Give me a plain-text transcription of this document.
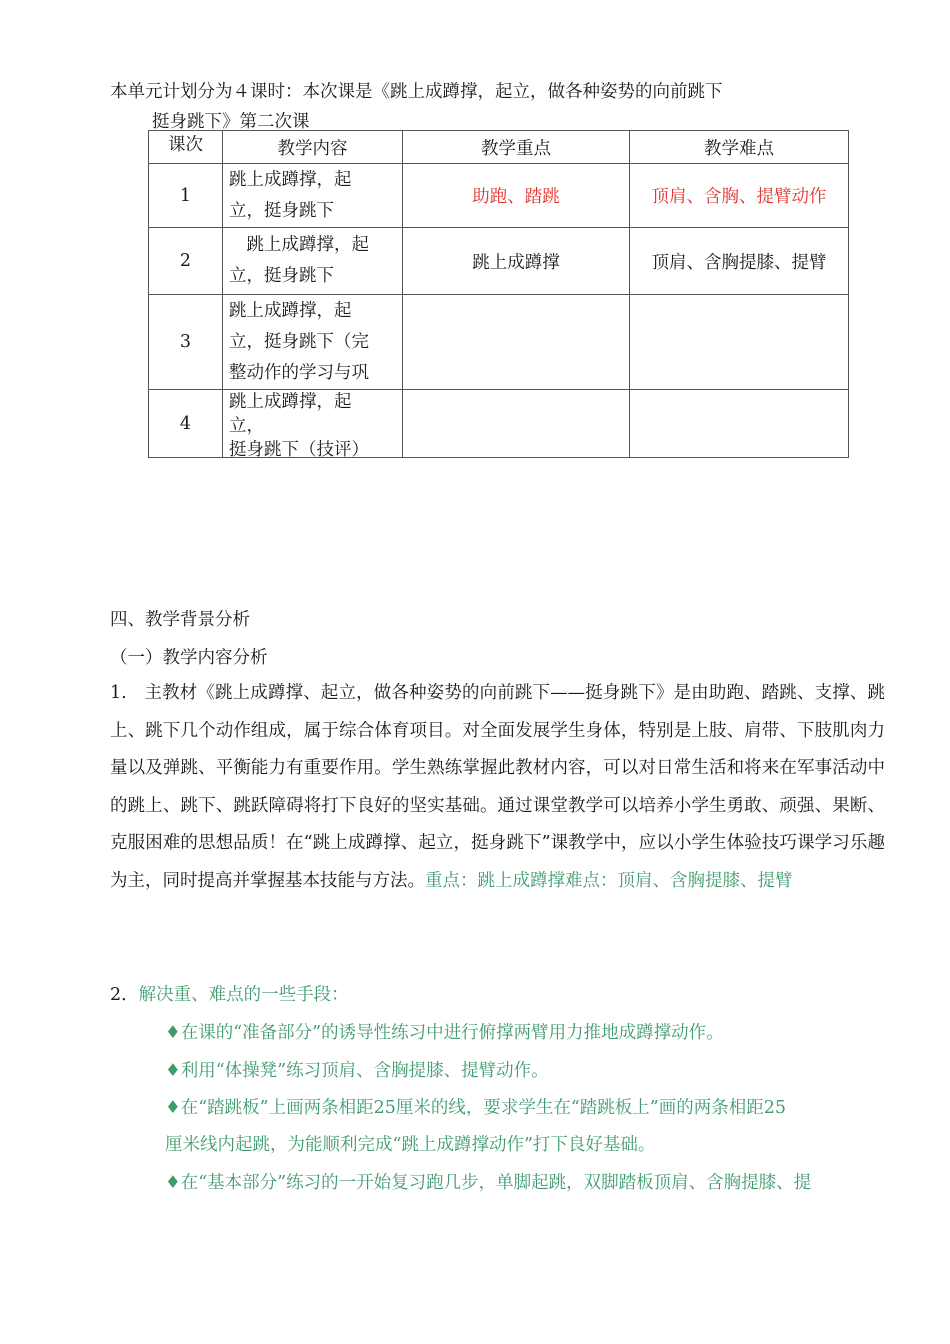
本单元计划分为４课时：本次课是《跳上成蹲撑，起立，做各种姿势的向前跳下
挺身跳下》第二次课
课次	教学内容	教学重点	教学难点
1	跳上成蹲撑，起
立，挺身跳下	助跑、踏跳	顶肩、含胸、提臂动作
2	　跳上成蹲撑，起
立，挺身跳下	跳上成蹲撑	顶肩、含胸提膝、提臂
3	跳上成蹲撑，起
立，挺身跳下（完
整动作的学习与巩		

4	跳上成蹲撑，起
立，
挺身跳下（技评）		

四、教学背景分析
（一）教学内容分析
1.　主教材《跳上成蹲撑、起立，做各种姿势的向前跳下——挺身跳下》是由助跑、踏跳、支撑、跳上、跳下几个动作组成，属于综合体育项目。对全面发展学生身体，特别是上肢、肩带、下肢肌肉力量以及弹跳、平衡能力有重要作用。学生熟练掌握此教材内容，可以对日常生活和将来在军事活动中的跳上、跳下、跳跃障碍将打下良好的坚实基础。通过课堂教学可以培养小学生勇敢、顽强、果断、克服困难的思想品质！在“跳上成蹲撑、起立，挺身跳下”课教学中，应以小学生体验技巧课学习乐趣为主，同时提高并掌握基本技能与方法。重点：跳上成蹲撑难点：顶肩、含胸提膝、提臂
2．解决重、难点的一些手段：
♦在课的“准备部分”的诱导性练习中进行俯撑两臂用力推地成蹲撑动作。
♦利用“体操凳”练习顶肩、含胸提膝、提臂动作。
♦在“踏跳板”上画两条相距25厘米的线，要求学生在“踏跳板上”画的两条相距25
厘米线内起跳，为能顺利完成“跳上成蹲撑动作”打下良好基础。
♦在“基本部分”练习的一开始复习跑几步，单脚起跳，双脚踏板顶肩、含胸提膝、提
